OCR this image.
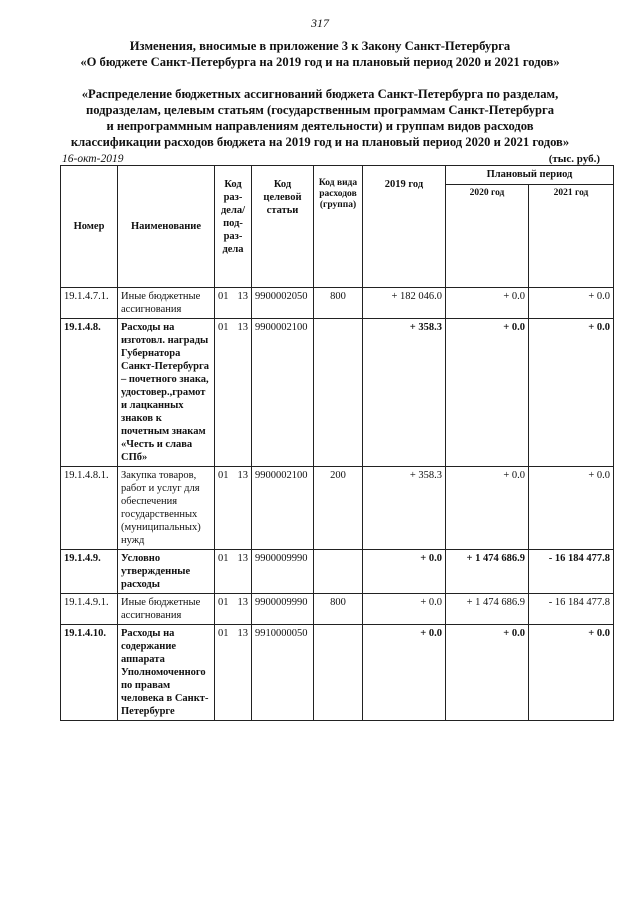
317
Изменения, вносимые в приложение 3 к Закону Санкт-Петербурга
«О бюджете Санкт-Петербурга на 2019 год и на плановый период 2020 и 2021 годов»
«Распределение бюджетных ассигнований бюджета Санкт-Петербурга по разделам,
подразделам, целевым статьям (государственным программам Санкт-Петербурга
и непрограммным направлениям деятельности) и группам видов расходов
классификации расходов бюджета на 2019 год и на плановый период 2020 и 2021 годов»
16-окт-2019	(тыс. руб.)
Номер	Наименование	Код раз- дела/ под- раз- дела	Код целевой статьи	Код вида расходов (группа)	2019 год	Плановый период	
						2020 год	2021 год
19.1.4.7.1.	Иные бюджетные ассигнования	01 13	9900002050	800	+ 182 046.0	+ 0.0	+ 0.0
19.1.4.8.	Расходы на изготовл. награды Губернатора Санкт-Петербурга – почетного знака, удостовер.,грамот и лацканных знаков к почетным знакам «Честь и слава СПб»	01 13	9900002100		+ 358.3	+ 0.0	+ 0.0
19.1.4.8.1.	Закупка товаров, работ и услуг для обеспечения государственных (муниципальных) нужд	01 13	9900002100	200	+ 358.3	+ 0.0	+ 0.0
19.1.4.9.	Условно утвержденные расходы	01 13	9900009990		+ 0.0	+ 1 474 686.9	- 16 184 477.8
19.1.4.9.1.	Иные бюджетные ассигнования	01 13	9900009990	800	+ 0.0	+ 1 474 686.9	- 16 184 477.8
19.1.4.10.	Расходы на содержание аппарата Уполномоченного по правам человека в Санкт-Петербурге	01 13	9910000050		+ 0.0	+ 0.0	+ 0.0
